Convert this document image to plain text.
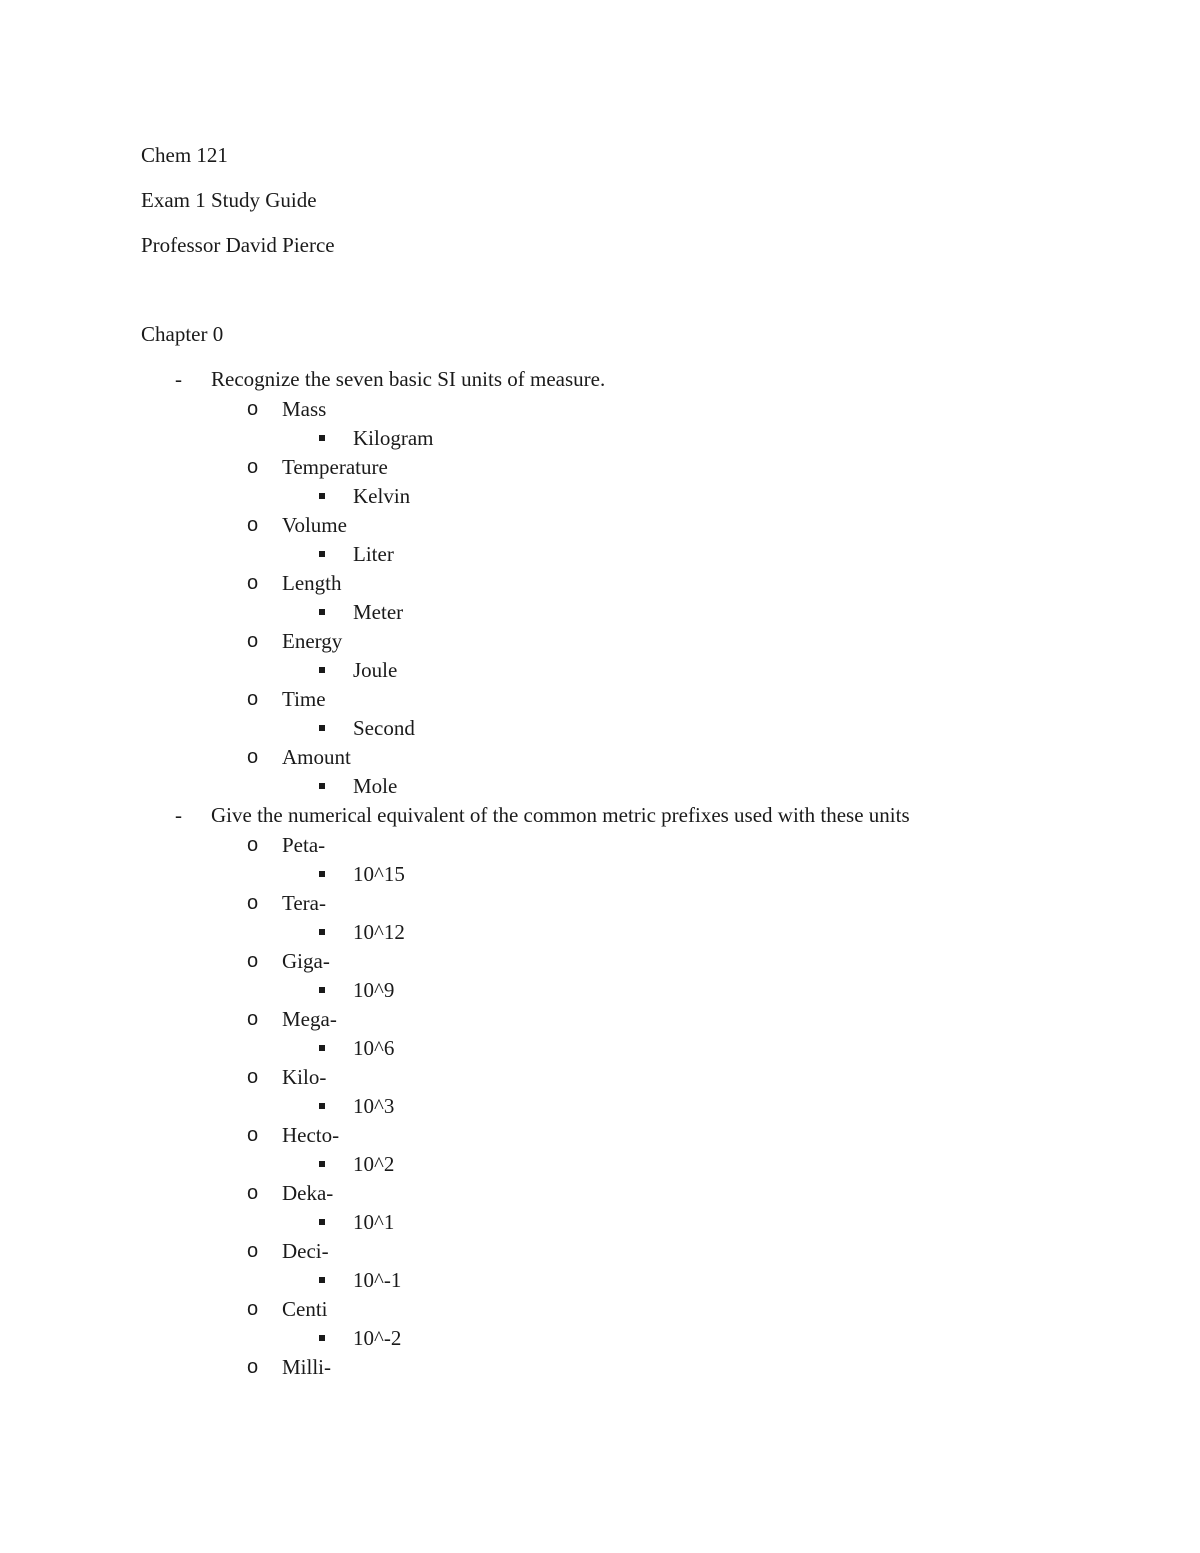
Chem 121
Exam 1 Study Guide
Professor David Pierce
Chapter 0
- Recognize the seven basic SI units of measure.
o Mass
Kilogram
o Temperature
Kelvin
o Volume
Liter
o Length
Meter
o Energy
Joule
o Time
Second
o Amount
Mole
- Give the numerical equivalent of the common metric prefixes used with these units
o Peta-
10^15
o Tera-
10^12
o Giga-
10^9
o Mega-
10^6
o Kilo-
10^3
o Hecto-
10^2
o Deka-
10^1
o Deci-
10^-1
o Centi
10^-2
o Milli-
